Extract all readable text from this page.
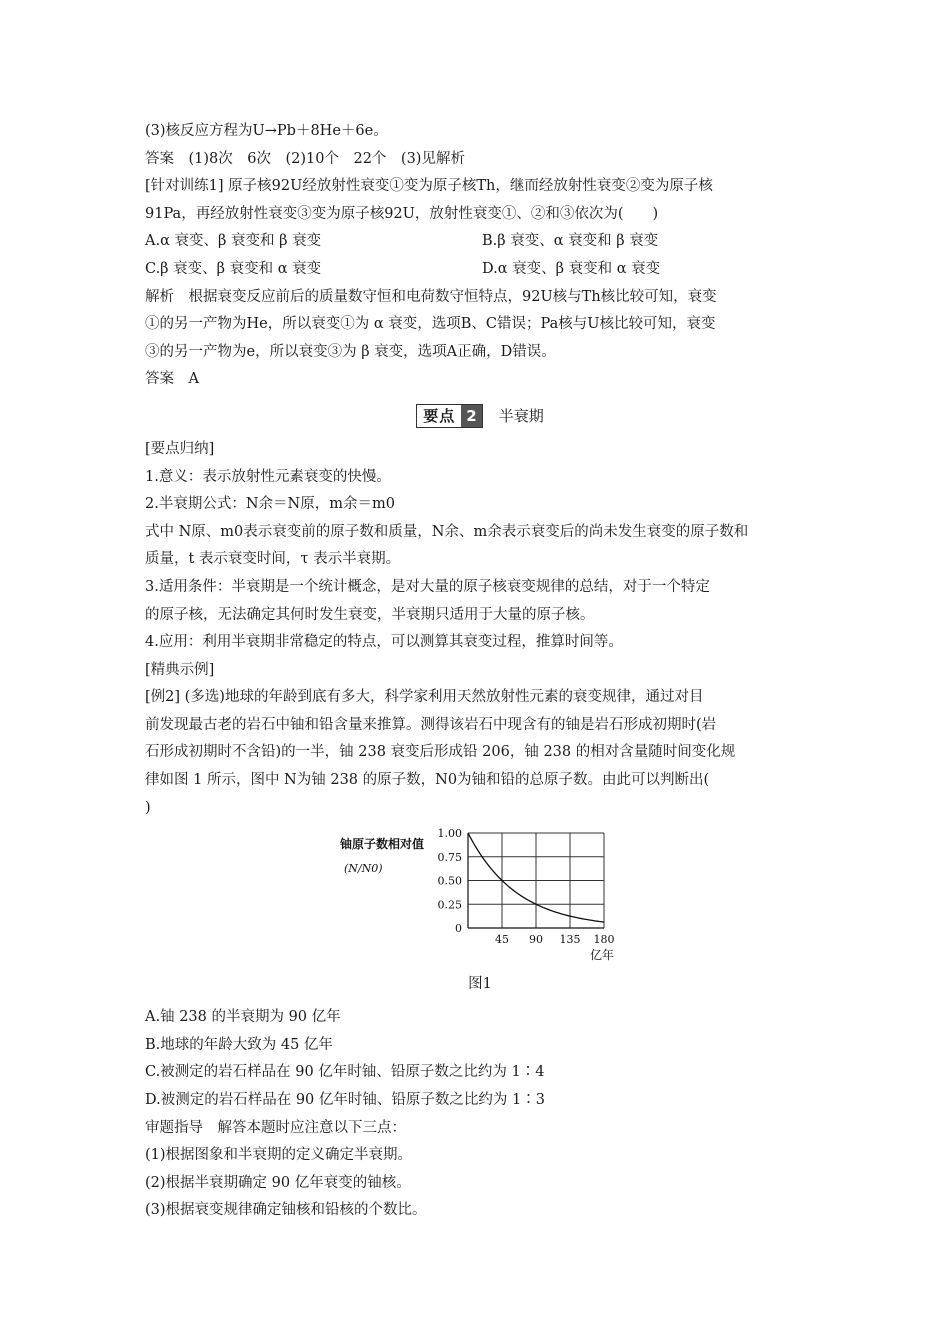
(3)核反应方程为U→Pb＋8He＋6e。
答案　(1)8次　6次　(2)10个　22个　(3)见解析
[针对训练1] 原子核92U经放射性衰变①变为原子核Th，继而经放射性衰变②变为原子核
91Pa，再经放射性衰变③变为原子核92U，放射性衰变①、②和③依次为(　　)
A.α 衰变、β 衰变和 β 衰变	B.β 衰变、α 衰变和 β 衰变
C.β 衰变、β 衰变和 α 衰变	D.α 衰变、β 衰变和 α 衰变
解析　根据衰变反应前后的质量数守恒和电荷数守恒特点，92U核与Th核比较可知，衰变
①的另一产物为He，所以衰变①为 α 衰变，选项B、C错误；Pa核与U核比较可知，衰变
③的另一产物为e，所以衰变③为 β 衰变，选项A正确，D错误。
答案　A
要点 2	半衰期
[要点归纳]
1.意义：表示放射性元素衰变的快慢。
2.半衰期公式：N余＝N原，m余＝m0
式中 N原、m0表示衰变前的原子数和质量，N余、m余表示衰变后的尚未发生衰变的原子数和
质量，t 表示衰变时间，τ 表示半衰期。
3.适用条件：半衰期是一个统计概念，是对大量的原子核衰变规律的总结，对于一个特定
的原子核，无法确定其何时发生衰变，半衰期只适用于大量的原子核。
4.应用：利用半衰期非常稳定的特点，可以测算其衰变过程，推算时间等。
[精典示例]
[例2] (多选)地球的年龄到底有多大，科学家利用天然放射性元素的衰变规律，通过对目
前发现最古老的岩石中铀和铅含量来推算。测得该岩石中现含有的铀是岩石形成初期时(岩
石形成初期时不含铅)的一半，铀 238 衰变后形成铅 206，铀 238 的相对含量随时间变化规
律如图 1 所示，图中 N为铀 238 的原子数，N0为铀和铅的总原子数。由此可以判断出(
)
0
0.25
0.50
0.75
1.00
45 90 135 180
亿年
铀原子数相对值
(N/N0)
图1
A.铀 238 的半衰期为 90 亿年
B.地球的年龄大致为 45 亿年
C.被测定的岩石样品在 90 亿年时铀、铅原子数之比约为 1∶4
D.被测定的岩石样品在 90 亿年时铀、铅原子数之比约为 1∶3
审题指导　解答本题时应注意以下三点：
(1)根据图象和半衰期的定义确定半衰期。
(2)根据半衰期确定 90 亿年衰变的铀核。
(3)根据衰变规律确定铀核和铅核的个数比。
